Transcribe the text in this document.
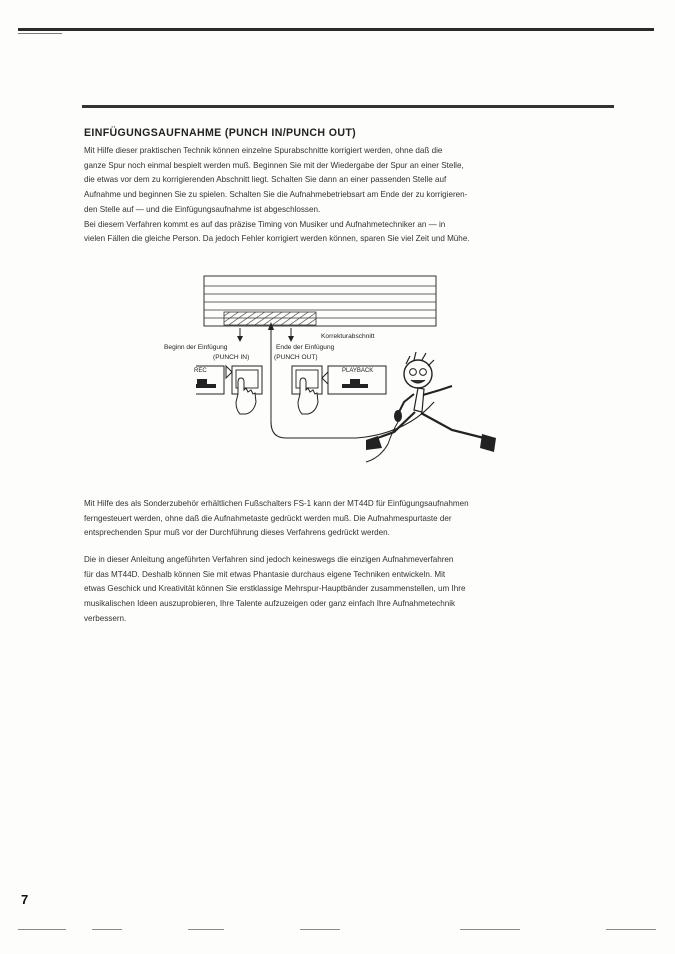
EINFÜGUNGSAUFNAHME (PUNCH IN/PUNCH OUT)

Mit Hilfe dieser praktischen Technik können einzelne Spurabschnitte korrigiert werden, ohne daß die
ganze Spur noch einmal bespielt werden muß. Beginnen Sie mit der Wiedergabe der Spur an einer Stelle,
die etwas vor dem zu korrigierenden Abschnitt liegt. Schalten Sie dann an einer passenden Stelle auf
Aufnahme und beginnen Sie zu spielen. Schalten Sie die Aufnahmebetriebsart am Ende der zu korrigieren-
den Stelle auf — und die Einfügungsaufnahme ist abgeschlossen.
Bei diesem Verfahren kommt es auf das präzise Timing von Musiker und Aufnahmetechniker an — in
vielen Fällen die gleiche Person. Da jedoch Fehler korrigiert werden können, sparen Sie viel Zeit und Mühe.

Korrekturabschnitt
Beginn der Einfügung
(PUNCH IN)
Ende der Einfügung
(PUNCH OUT)
REC	PLAYBACK

Mit Hilfe des als Sonderzubehör erhältlichen Fußschalters FS-1 kann der MT44D für Einfügungsaufnahmen
ferngesteuert werden, ohne daß die Aufnahmetaste gedrückt werden muß. Die Aufnahmespurtaste der
entsprechenden Spur muß vor der Durchführung dieses Verfahrens gedrückt werden.

Die in dieser Anleitung angeführten Verfahren sind jedoch keineswegs die einzigen Aufnahmeverfahren
für das MT44D. Deshalb können Sie mit etwas Phantasie durchaus eigene Techniken entwickeln. Mit
etwas Geschick und Kreativität können Sie erstklassige Mehrspur-Hauptbänder zusammenstellen, um Ihre
musikalischen Ideen auszuprobieren, Ihre Talente aufzuzeigen oder ganz einfach Ihre Aufnahmetechnik
verbessern.

7
